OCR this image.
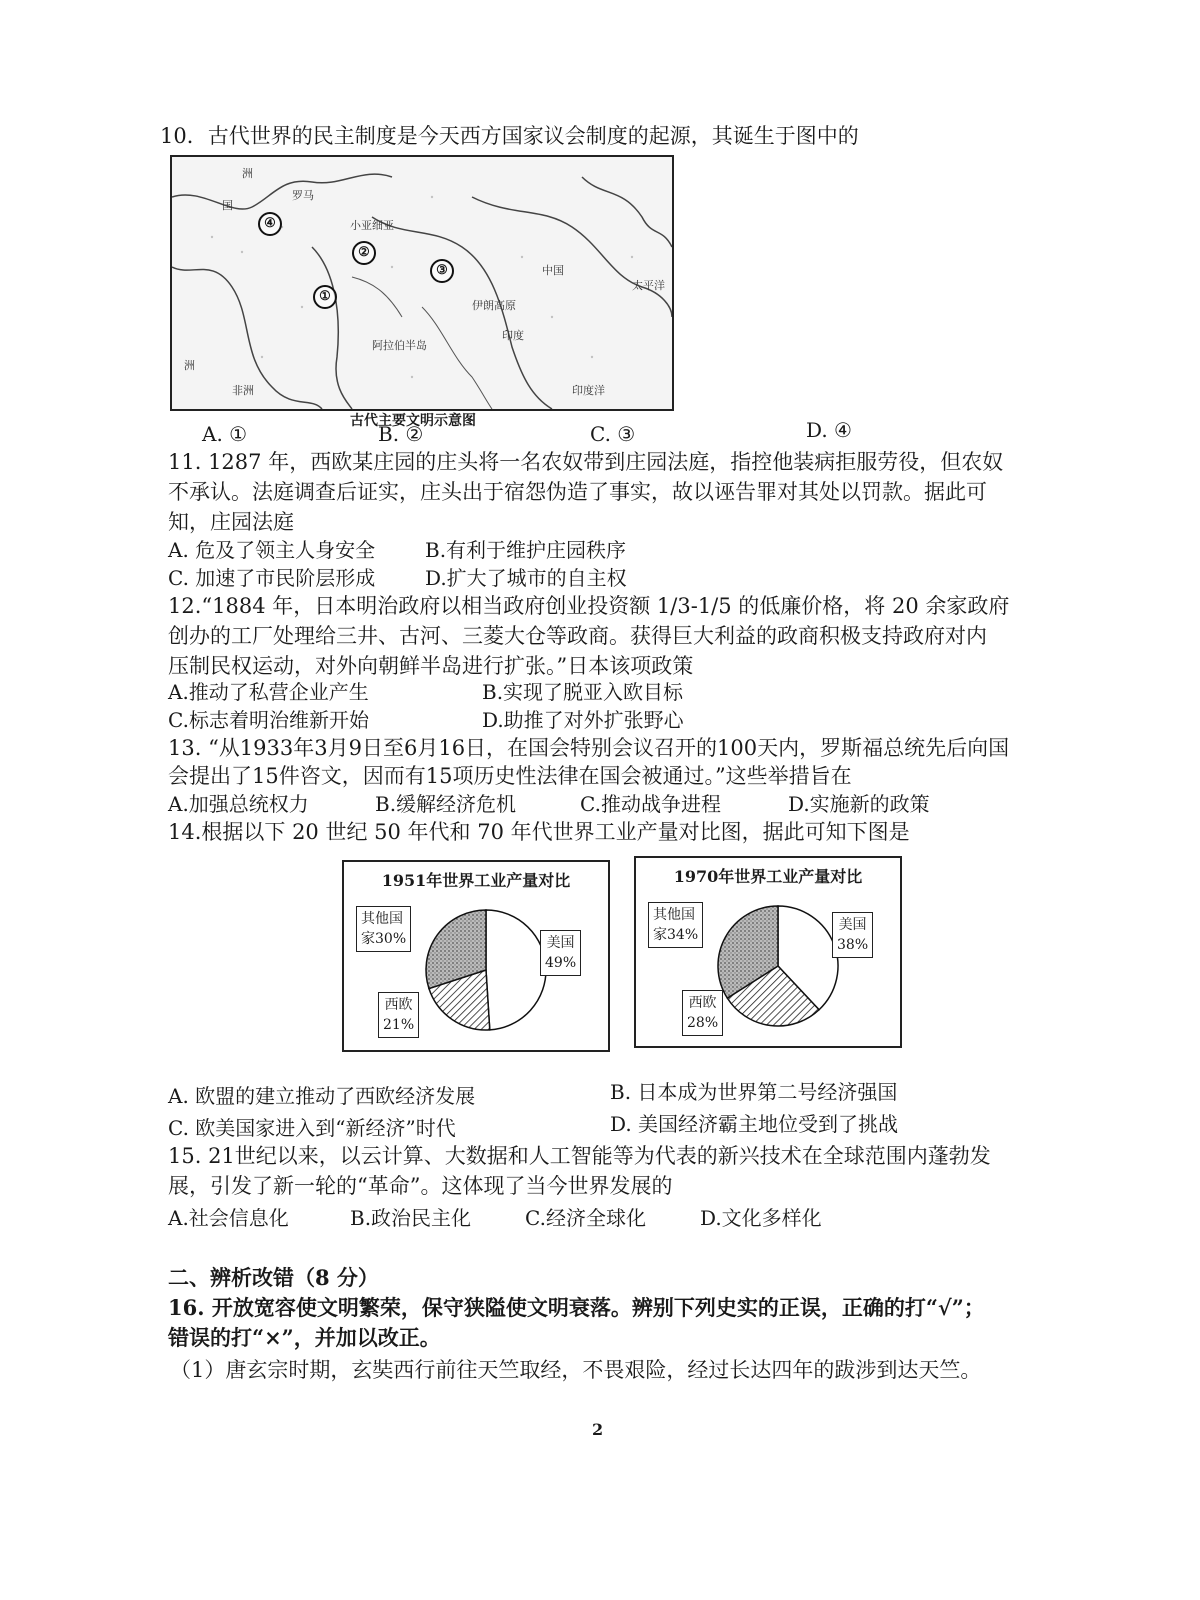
10．古代世界的民主制度是今天西方国家议会制度的起源，其诞生于图中的
洲
国
罗马
小亚细亚
伊朗高原
中国
印度
阿拉伯半岛
太平洋
印度洋
洲
非洲
④
②
③
①
古代主要文明示意图
A. ①	B. ②	C. ③	D. ④
11. 1287 年，西欧某庄园的庄头将一名农奴带到庄园法庭，指控他装病拒服劳役，但农奴
不承认。法庭调查后证实，庄头出于宿怨伪造了事实，故以诬告罪对其处以罚款。据此可
知，庄园法庭
A. 危及了领主人身安全 B.有利于维护庄园秩序
C. 加速了市民阶层形成 D.扩大了城市的自主权
12.“1884 年，日本明治政府以相当政府创业投资额 1/3-1/5 的低廉价格，将 20 余家政府
创办的工厂处理给三井、古河、三菱大仓等政商。获得巨大利益的政商积极支持政府对内
压制民权运动，对外向朝鲜半岛进行扩张。”日本该项政策
A.推动了私营企业产生	B.实现了脱亚入欧目标
C.标志着明治维新开始	D.助推了对外扩张野心
13. “从1933年3月9日至6月16日，在国会特别会议召开的100天内，罗斯福总统先后向国
会提出了15件咨文，因而有15项历史性法律在国会被通过。”这些举措旨在
A.加强总统权力	B.缓解经济危机	C.推动战争进程	D.实施新的政策
14.根据以下 20 世纪 50 年代和 70 年代世界工业产量对比图，据此可知下图是
1951年世界工业产量对比
其他国
家30%	美国
49%
西欧
21%
1970年世界工业产量对比
其他国
家34%
美国
38%
西欧
28%
A. 欧盟的建立推动了西欧经济发展	B. 日本成为世界第二号经济强国
C. 欧美国家进入到“新经济”时代	D. 美国经济霸主地位受到了挑战
15. 21世纪以来，以云计算、大数据和人工智能等为代表的新兴技术在全球范围内蓬勃发
展，引发了新一轮的“革命”。这体现了当今世界发展的
A.社会信息化	B.政治民主化	C.经济全球化	D.文化多样化
二、辨析改错（8 分）
16. 开放宽容使文明繁荣，保守狭隘使文明衰落。辨别下列史实的正误，正确的打“√”；
错误的打“×”，并加以改正。
（1）唐玄宗时期，玄奘西行前往天竺取经，不畏艰险，经过长达四年的跋涉到达天竺。
2
